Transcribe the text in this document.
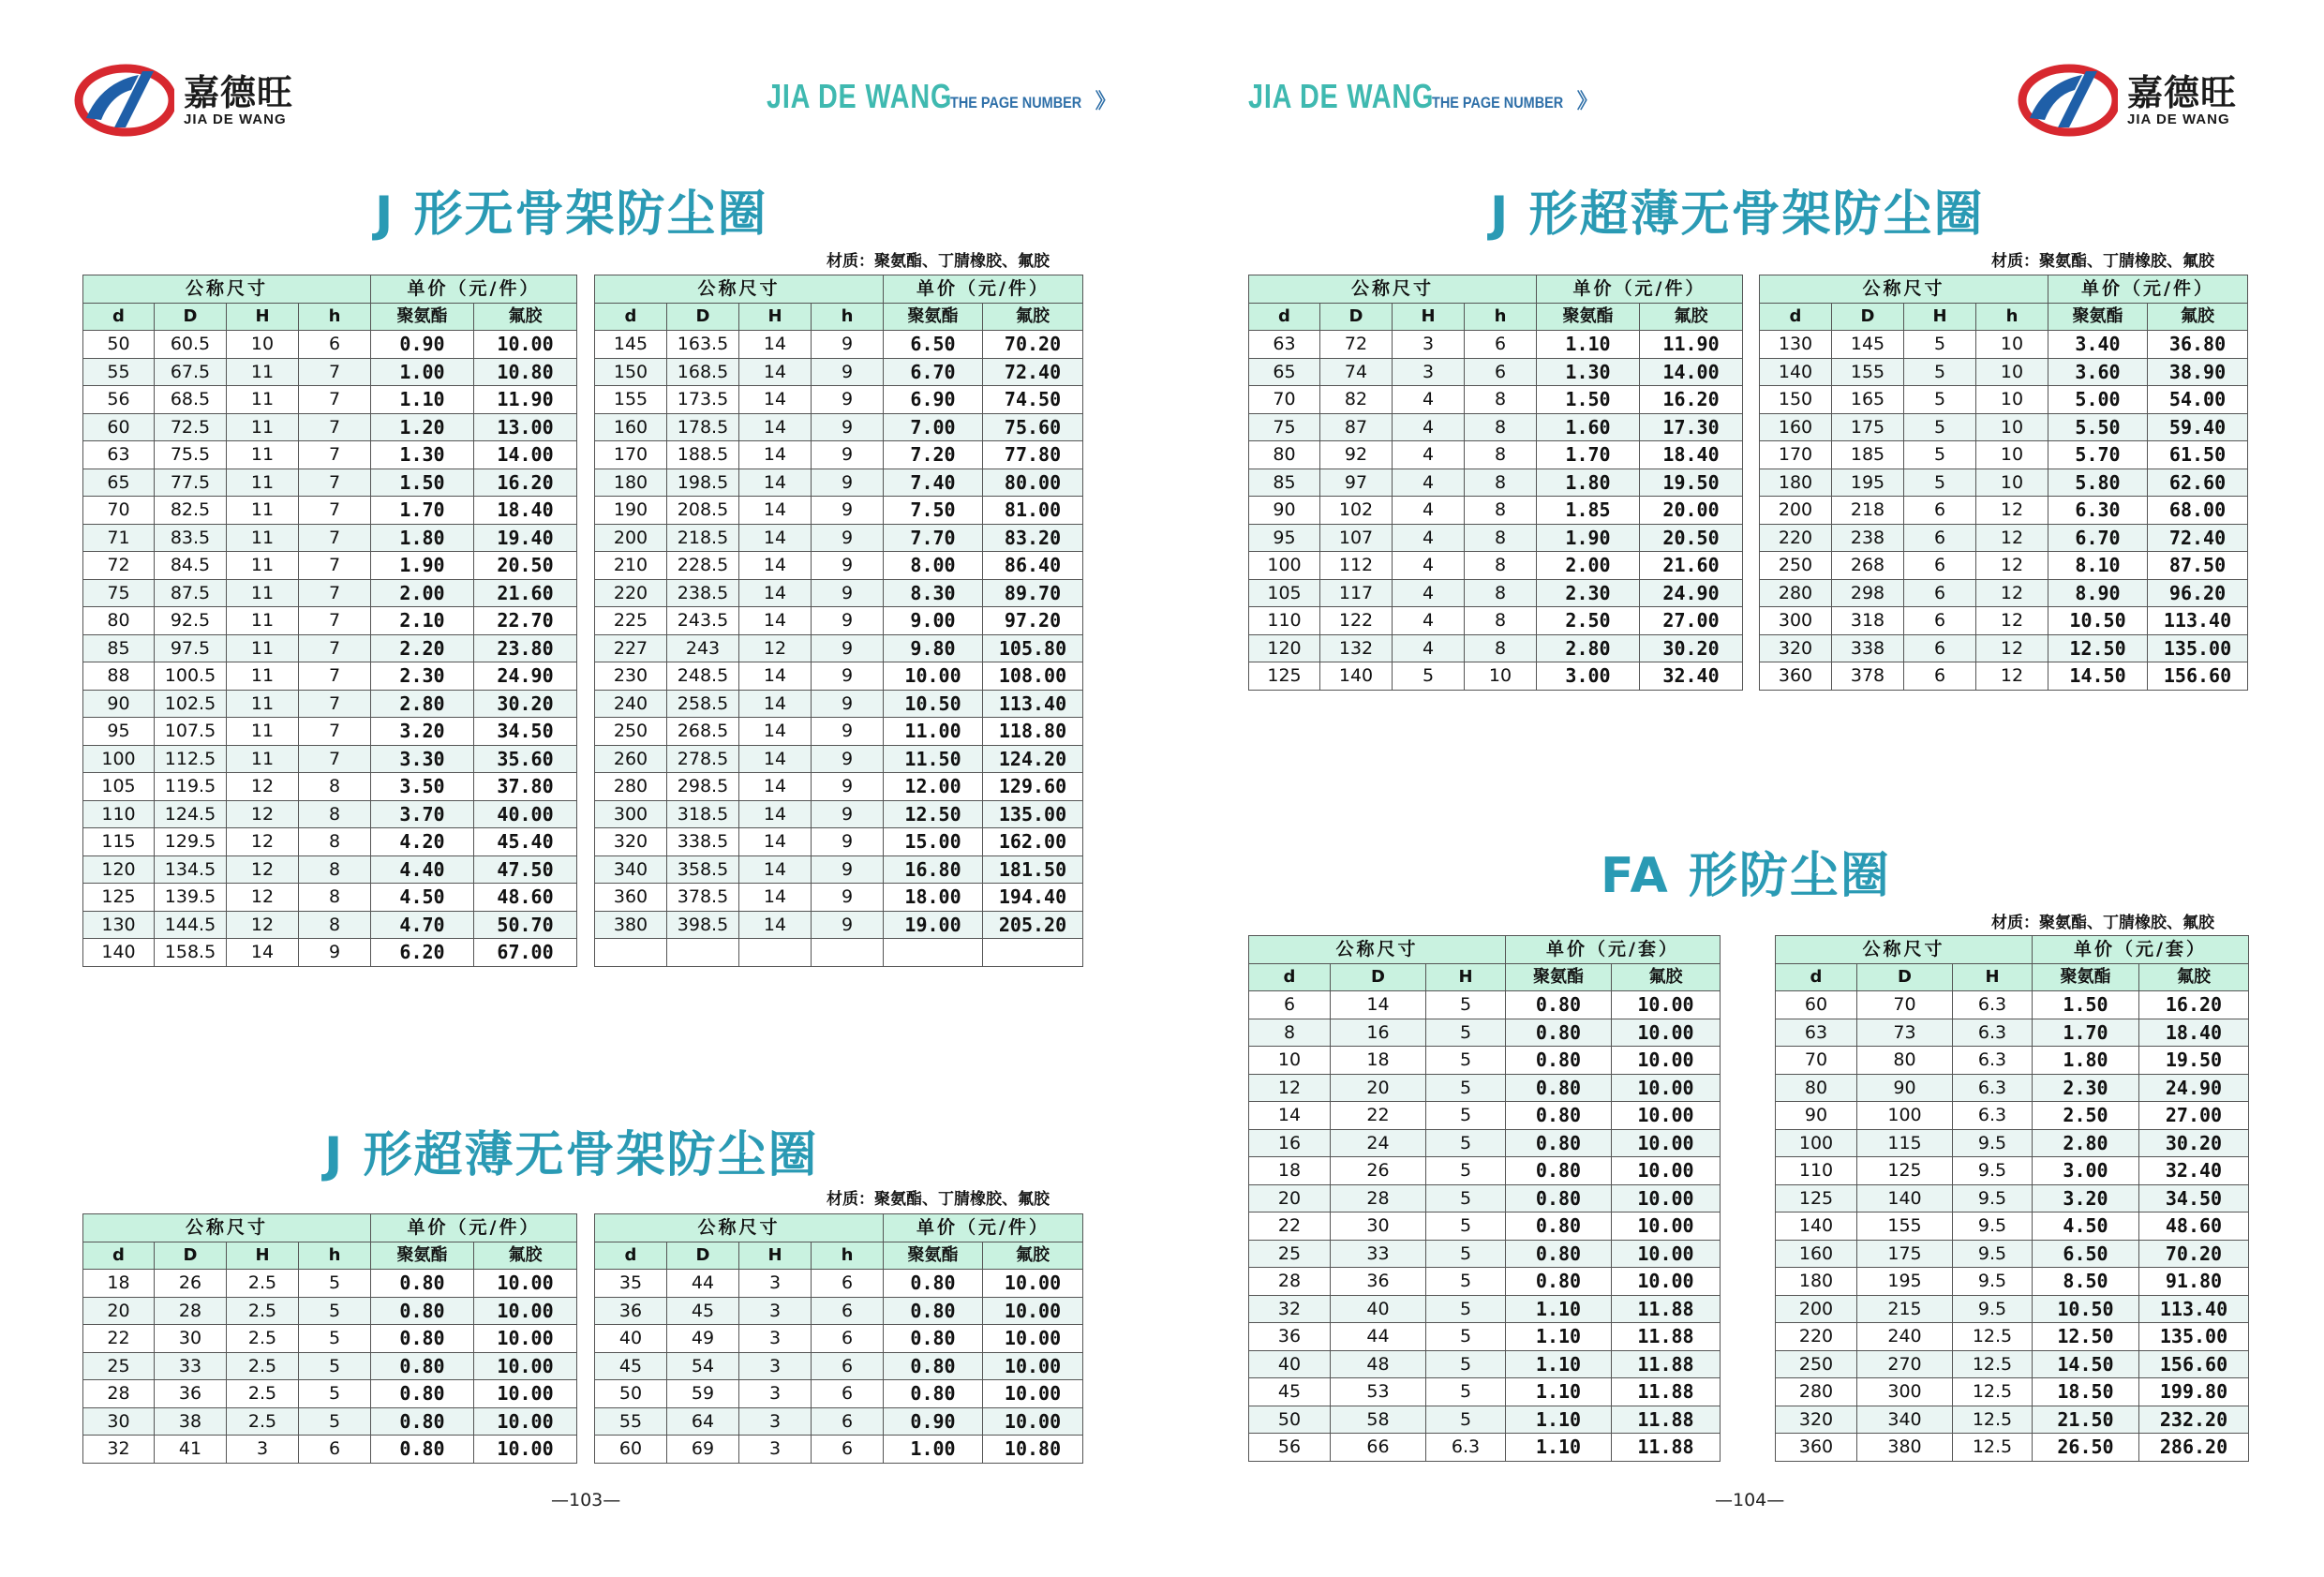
嘉德旺
JIA DE WANG
JIA DE WANG
THE PAGE NUMBER 》	JIA DE WANG
THE PAGE NUMBER 》	嘉德旺
JIA DE WANG
J 形无骨架防尘圈
材质：聚氨酯、丁腈橡胶、氟胶
J 形超薄无骨架防尘圈
材质：聚氨酯、丁腈橡胶、氟胶
J 形超薄无骨架防尘圈
材质：聚氨酯、丁腈橡胶、氟胶
FA 形防尘圈
材质：聚氨酯、丁腈橡胶、氟胶
公称尺寸				单价（元/件）	
d	D	H	h	聚氨酯	氟胶
50	60.5	10	6	0.90	10.00
55	67.5	11	7	1.00	10.80
56	68.5	11	7	1.10	11.90
60	72.5	11	7	1.20	13.00
63	75.5	11	7	1.30	14.00
65	77.5	11	7	1.50	16.20
70	82.5	11	7	1.70	18.40
71	83.5	11	7	1.80	19.40
72	84.5	11	7	1.90	20.50
75	87.5	11	7	2.00	21.60
80	92.5	11	7	2.10	22.70
85	97.5	11	7	2.20	23.80
88	100.5	11	7	2.30	24.90
90	102.5	11	7	2.80	30.20
95	107.5	11	7	3.20	34.50
100	112.5	11	7	3.30	35.60
105	119.5	12	8	3.50	37.80
110	124.5	12	8	3.70	40.00
115	129.5	12	8	4.20	45.40
120	134.5	12	8	4.40	47.50
125	139.5	12	8	4.50	48.60
130	144.5	12	8	4.70	50.70
140	158.5	14	9	6.20	67.00
公称尺寸				单价（元/件）	
d	D	H	h	聚氨酯	氟胶
145	163.5	14	9	6.50	70.20
150	168.5	14	9	6.70	72.40
155	173.5	14	9	6.90	74.50
160	178.5	14	9	7.00	75.60
170	188.5	14	9	7.20	77.80
180	198.5	14	9	7.40	80.00
190	208.5	14	9	7.50	81.00
200	218.5	14	9	7.70	83.20
210	228.5	14	9	8.00	86.40
220	238.5	14	9	8.30	89.70
225	243.5	14	9	9.00	97.20
227	243	12	9	9.80	105.80
230	248.5	14	9	10.00	108.00
240	258.5	14	9	10.50	113.40
250	268.5	14	9	11.00	118.80
260	278.5	14	9	11.50	124.20
280	298.5	14	9	12.00	129.60
300	318.5	14	9	12.50	135.00
320	338.5	14	9	15.00	162.00
340	358.5	14	9	16.80	181.50
360	378.5	14	9	18.00	194.40
380	398.5	14	9	19.00	205.20

公称尺寸				单价（元/件）	
d	D	H	h	聚氨酯	氟胶
18	26	2.5	5	0.80	10.00
20	28	2.5	5	0.80	10.00
22	30	2.5	5	0.80	10.00
25	33	2.5	5	0.80	10.00
28	36	2.5	5	0.80	10.00
30	38	2.5	5	0.80	10.00
32	41	3	6	0.80	10.00
公称尺寸				单价（元/件）	
d	D	H	h	聚氨酯	氟胶
35	44	3	6	0.80	10.00
36	45	3	6	0.80	10.00
40	49	3	6	0.80	10.00
45	54	3	6	0.80	10.00
50	59	3	6	0.80	10.00
55	64	3	6	0.90	10.00
60	69	3	6	1.00	10.80
公称尺寸				单价（元/件）	
d	D	H	h	聚氨酯	氟胶
63	72	3	6	1.10	11.90
65	74	3	6	1.30	14.00
70	82	4	8	1.50	16.20
75	87	4	8	1.60	17.30
80	92	4	8	1.70	18.40
85	97	4	8	1.80	19.50
90	102	4	8	1.85	20.00
95	107	4	8	1.90	20.50
100	112	4	8	2.00	21.60
105	117	4	8	2.30	24.90
110	122	4	8	2.50	27.00
120	132	4	8	2.80	30.20
125	140	5	10	3.00	32.40
公称尺寸				单价（元/件）	
d	D	H	h	聚氨酯	氟胶
130	145	5	10	3.40	36.80
140	155	5	10	3.60	38.90
150	165	5	10	5.00	54.00
160	175	5	10	5.50	59.40
170	185	5	10	5.70	61.50
180	195	5	10	5.80	62.60
200	218	6	12	6.30	68.00
220	238	6	12	6.70	72.40
250	268	6	12	8.10	87.50
280	298	6	12	8.90	96.20
300	318	6	12	10.50	113.40
320	338	6	12	12.50	135.00
360	378	6	12	14.50	156.60
公称尺寸			单价（元/套）	
d	D	H	聚氨酯	氟胶
6	14	5	0.80	10.00
8	16	5	0.80	10.00
10	18	5	0.80	10.00
12	20	5	0.80	10.00
14	22	5	0.80	10.00
16	24	5	0.80	10.00
18	26	5	0.80	10.00
20	28	5	0.80	10.00
22	30	5	0.80	10.00
25	33	5	0.80	10.00
28	36	5	0.80	10.00
32	40	5	1.10	11.88
36	44	5	1.10	11.88
40	48	5	1.10	11.88
45	53	5	1.10	11.88
50	58	5	1.10	11.88
56	66	6.3	1.10	11.88
公称尺寸			单价（元/套）	
d	D	H	聚氨酯	氟胶
60	70	6.3	1.50	16.20
63	73	6.3	1.70	18.40
70	80	6.3	1.80	19.50
80	90	6.3	2.30	24.90
90	100	6.3	2.50	27.00
100	115	9.5	2.80	30.20
110	125	9.5	3.00	32.40
125	140	9.5	3.20	34.50
140	155	9.5	4.50	48.60
160	175	9.5	6.50	70.20
180	195	9.5	8.50	91.80
200	215	9.5	10.50	113.40
220	240	12.5	12.50	135.00
250	270	12.5	14.50	156.60
280	300	12.5	18.50	199.80
320	340	12.5	21.50	232.20
360	380	12.5	26.50	286.20
—103—	—104—
